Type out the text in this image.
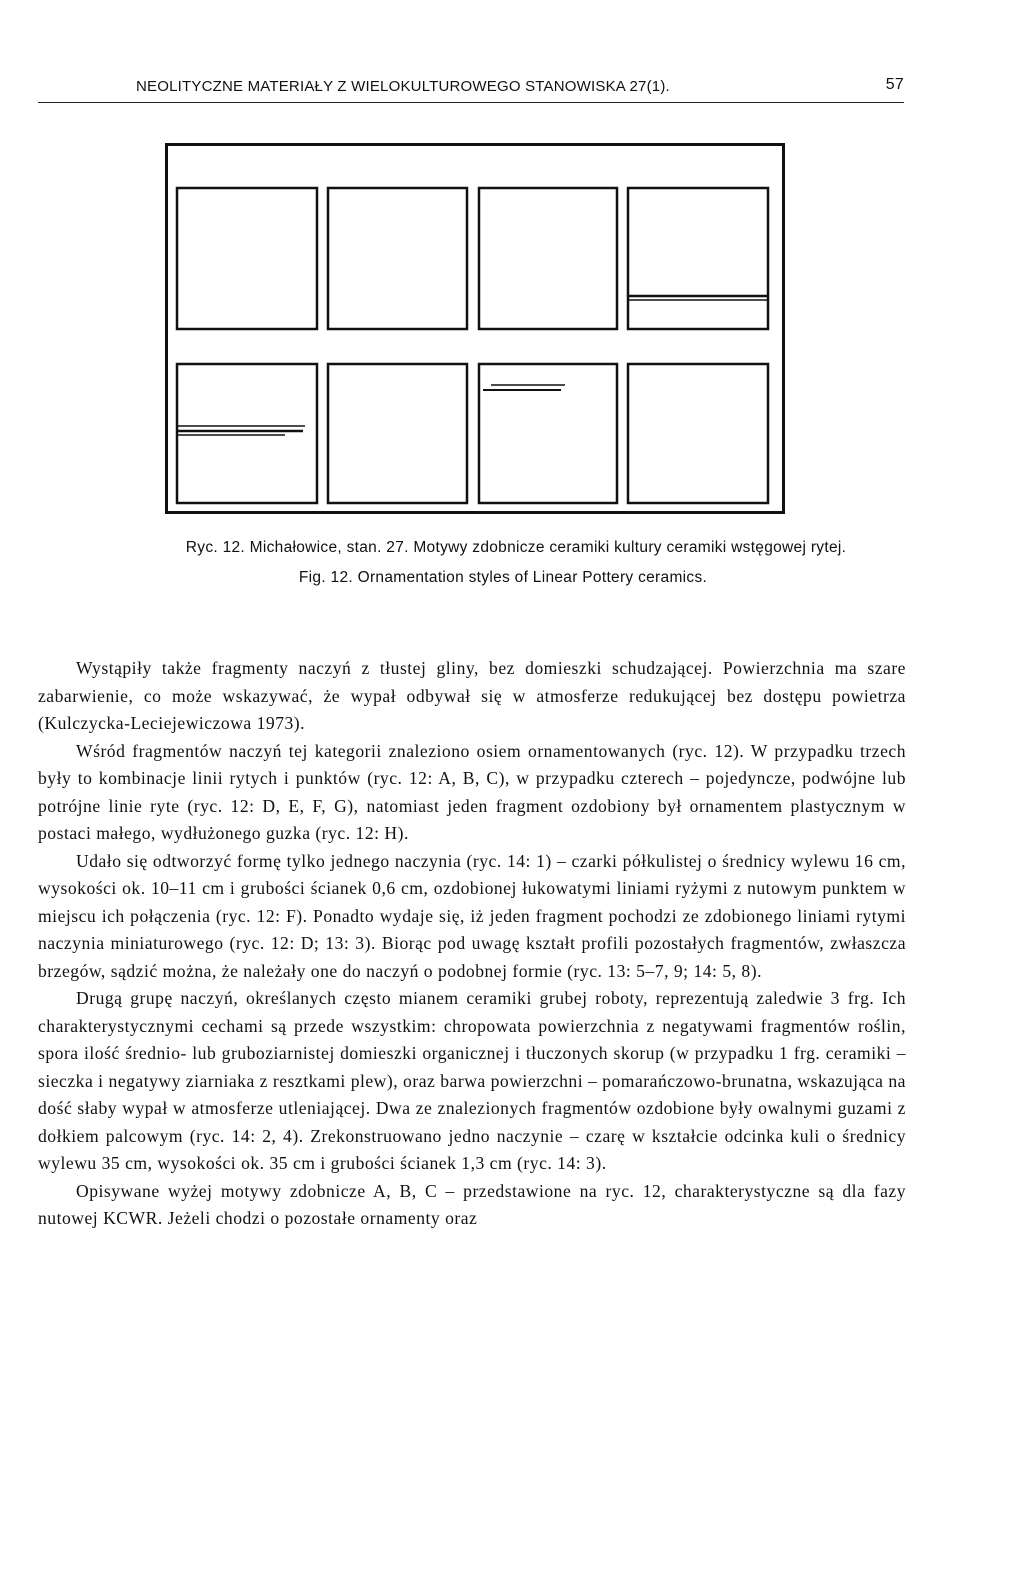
NEOLITYCZNE MATERIAŁY Z WIELOKULTUROWEGO STANOWISKA 27(1).	57
Ryc. 12. Michałowice, stan. 27. Motywy zdobnicze ceramiki kultury ceramiki wstęgowej rytej.
Fig. 12. Ornamentation styles of Linear Pottery ceramics.

Wystąpiły także fragmenty naczyń z tłustej gliny, bez domieszki schudzającej. Powierzchnia ma szare zabarwienie, co może wskazywać, że wypał odbywał się w atmosferze redukującej bez dostępu powietrza (Kulczycka-Leciejewiczowa 1973).

Wśród fragmentów naczyń tej kategorii znaleziono osiem ornamentowanych (ryc. 12). W przypadku trzech były to kombinacje linii rytych i punktów (ryc. 12: A, B, C), w przypadku czterech – pojedyncze, podwójne lub potrójne linie ryte (ryc. 12: D, E, F, G), natomiast jeden fragment ozdobiony był ornamentem plastycznym w postaci małego, wydłużonego guzka (ryc. 12: H).

Udało się odtworzyć formę tylko jednego naczynia (ryc. 14: 1) – czarki półkulistej o średnicy wylewu 16 cm, wysokości ok. 10–11 cm i grubości ścianek 0,6 cm, ozdobionej łukowatymi liniami ryżymi z nutowym punktem w miejscu ich połączenia (ryc. 12: F). Ponadto wydaje się, iż jeden fragment pochodzi ze zdobionego liniami rytymi naczynia miniaturowego (ryc. 12: D; 13: 3). Biorąc pod uwagę kształt profili pozostałych fragmentów, zwłaszcza brzegów, sądzić można, że należały one do naczyń o podobnej formie (ryc. 13: 5–7, 9; 14: 5, 8).

Drugą grupę naczyń, określanych często mianem ceramiki grubej roboty, reprezentują zaledwie 3 frg. Ich charakterystycznymi cechami są przede wszystkim: chropowata powierzchnia z negatywami fragmentów roślin, spora ilość średnio- lub gruboziarnistej domieszki organicznej i tłuczonych skorup (w przypadku 1 frg. ceramiki – sieczka i negatywy ziarniaka z resztkami plew), oraz barwa powierzchni – pomarańczowo-brunatna, wskazująca na dość słaby wypał w atmosferze utleniającej. Dwa ze znalezionych fragmentów ozdobione były owalnymi guzami z dołkiem palcowym (ryc. 14: 2, 4). Zrekonstruowano jedno naczynie – czarę w kształcie odcinka kuli o średnicy wylewu 35 cm, wysokości ok. 35 cm i grubości ścianek 1,3 cm (ryc. 14: 3).

Opisywane wyżej motywy zdobnicze A, B, C – przedstawione na ryc. 12, charakterystyczne są dla fazy nutowej KCWR. Jeżeli chodzi o pozostałe ornamenty oraz
